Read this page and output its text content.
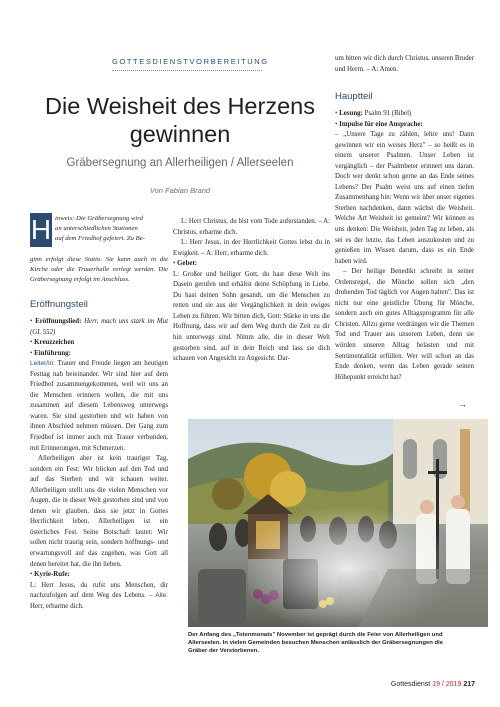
GOTTESDIENSTVORBEREITUNG
Die Weisheit des Herzens
gewinnen
Gräbersegnung an Allerheiligen / Allerseelen
Von Fabian Brand
H inweis: Die Gräbersegnung wird
an unterschiedlichen Stationen
auf dem Friedhof gefeiert. Zu Be-
ginn erfolgt diese Statio. Sie kann auch in die Kirche oder die Trauerhalle verlegt werden. Die Gräbersegnung erfolgt im Anschluss.
Eröffnungsteil

• Eröffnungslied: Herr, mach uns stark im Mut (GL 552)

• Kreuzzeichen

• Einführung:

Leiter/in: Trauer und Freude liegen am heutigen Festtag nah beieinander. Wir sind hier auf dem Friedhof zusammengekommen, weil wir uns an die Menschen erinnern wollen, die mit uns zusammen auf diesem Lebensweg unterwegs waren. Sie sind gestorben und wir haben von ihnen Abschied nehmen müssen. Der Gang zum Friedhof ist immer auch mit Trauer verbunden, mit Erinnerungen, mit Schmerzen.

Allerheiligen aber ist kein trauriger Tag, sondern ein Fest: Wir blicken auf den Tod und auf das Sterben und wir schauen weiter. Allerheiligen stellt uns die vielen Menschen vor Augen, die in dieser Welt gestorben sind und von denen wir glauben, dass sie jetzt in Gottes Herrlichkeit leben. Allerheiligen ist ein österliches Fest. Seine Botschaft lautet: Wir sollen nicht traurig sein, sondern hoffnungs- und erwartungsvoll auf das zugehen, was Gott all denen bereitet hat, die ihn lieben.

• Kyrie-Rufe:

L: Herr Jesus, du rufst uns Menschen, dir nachzufolgen auf dem Weg des Lebens. – Alle: Herr, erbarme dich.

L: Herr Christus, du bist vom Tode auferstanden. – A: Christus, erbarme dich.

L: Herr Jesus, in der Herrlichkeit Gottes lebst du in Ewigkeit. – A: Herr, erbarme dich.

• Gebet:

L: Großer und heiliger Gott, du hast diese Welt ins Dasein gerufen und erhältst deine Schöpfung in Liebe. Du hast deinen Sohn gesandt, um die Menschen zu retten und sie aus der Vergänglichkeit in dein ewiges Leben zu führen. Wir bitten dich, Gott: Stärke in uns die Hoffnung, dass wir auf dem Weg durch die Zeit zu dir hin unterwegs sind. Nimm alle, die in dieser Welt gestorben sind, auf in dein Reich und lass sie dich schauen von Angesicht zu Angesicht. Dar-

um bitten wir dich durch Christus, unseren Bruder und Herrn. – A: Amen.
Hauptteil

• Lesung: Psalm 91 (Bibel)

• Impulse für eine Ansprache:

– „Unsere Tage zu zählen, lehre uns! Dann gewinnen wir ein weises Herz" – so heißt es in einem unserer Psalmen. Unser Leben ist vergänglich – der Psalmbeter erinnert uns daran. Doch wer denkt schon gerne an das Ende seines Lebens? Der Psalm weist uns auf einen tiefen Zusammenhang hin: Wenn wir über unser eigenes Sterben nachdenken, dann wächst die Weisheit. Welche Art Weisheit ist gemeint? Wir können es uns denken: Die Weisheit, jeden Tag zu leben, als sei es der letzte, das Leben auszukosten und zu genießen im Wissen darum, dass es ein Ende haben wird.

– Der heilige Benedikt schreibt in seiner Ordensregel, die Mönche sollen sich „den drohenden Tod täglich vor Augen halten". Das ist nicht nur eine geistliche Übung für Mönche, sondern auch ein gutes Alltagsprogramm für alle Christen. Allzu gerne verdrängen wir die Themen Tod und Trauer aus unserem Leben, denn sie würden unseren Alltag belasten und mit Sentimentalität erfüllen. Wer will schon an das Ende denken, wenn das Leben gerade seinen Höhepunkt erreicht hat?

→
Der Anfang des „Totenmonats" November ist geprägt durch die Feier von Allerheiligen und Allerseelen. In vielen Gemeinden besuchen Menschen anlässlich der Gräbersegnungen die Gräber der Verstorbenen.
Gottesdienst 19 / 2019 217
